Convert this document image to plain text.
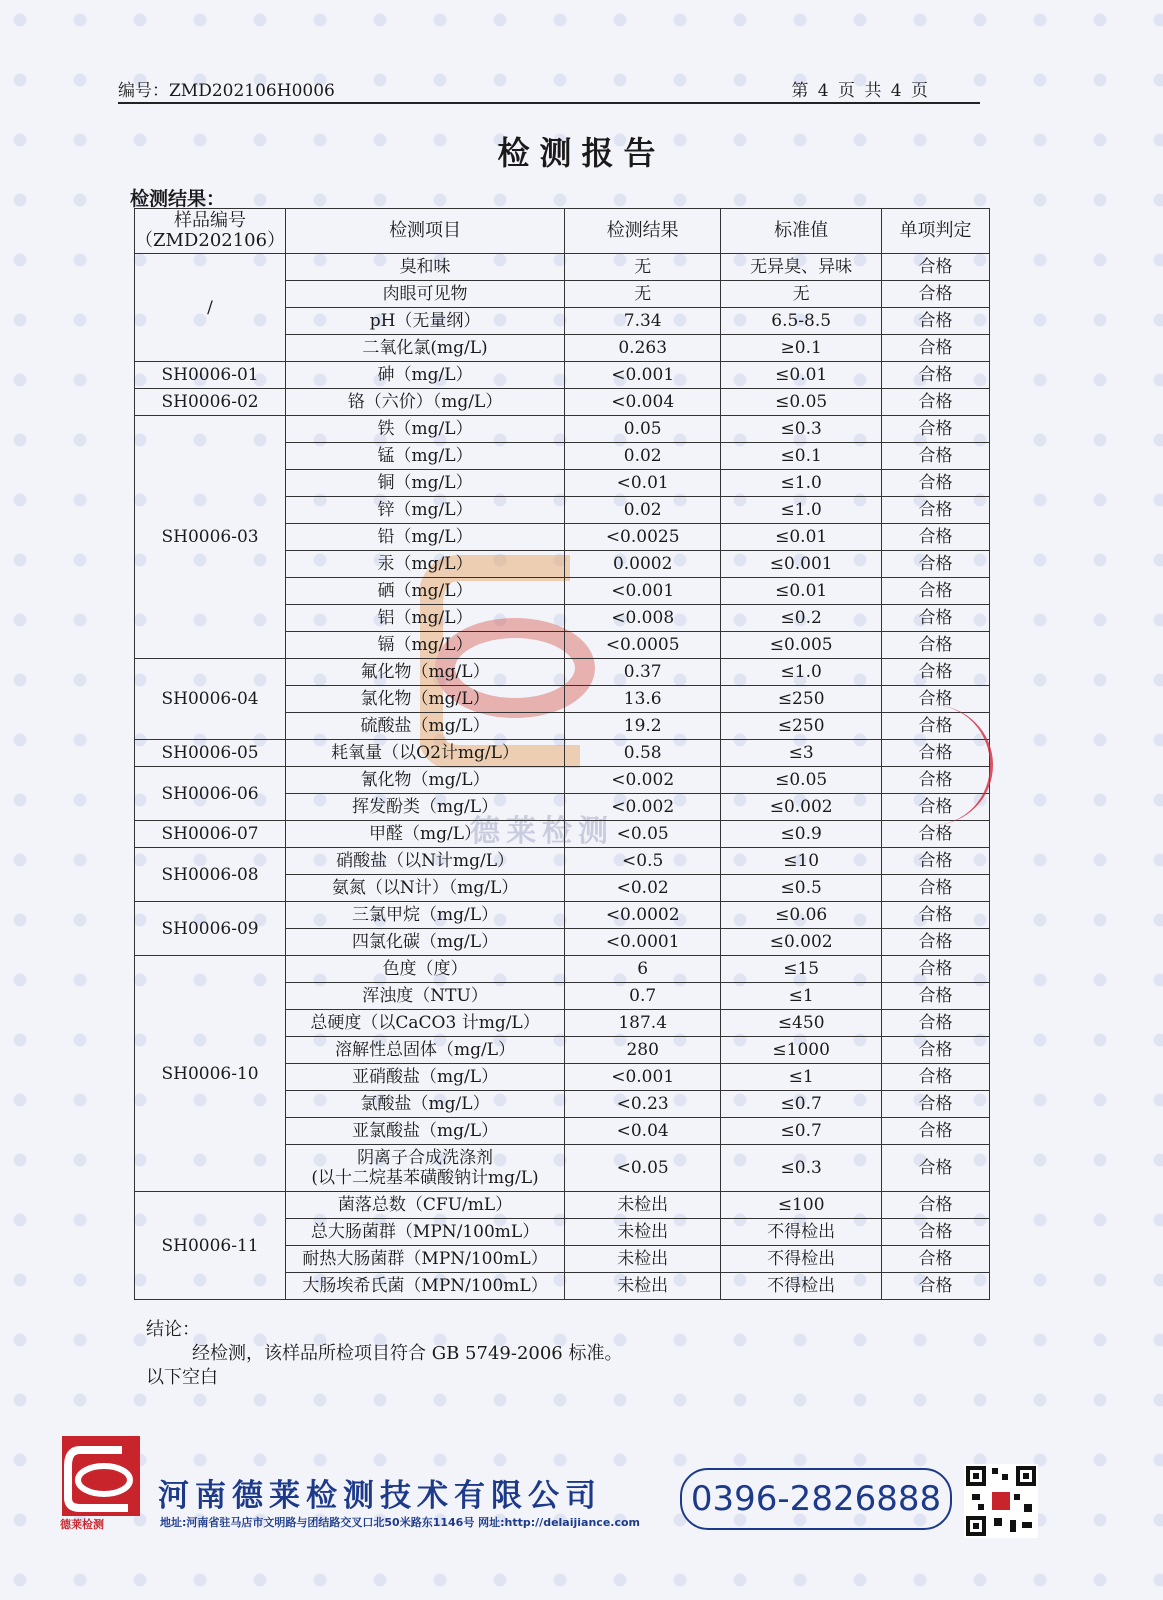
编号：ZMD202106H0006	第 4 页 共 4 页
检测报告
检测结果：
德莱检测
样品编号
（ZMD202106）	检测项目	检测结果	标准值	单项判定
/	臭和味	无	无异臭、异味	合格
	肉眼可见物	无	无	合格
	pH（无量纲）	7.34	6.5-8.5	合格
	二氧化氯(mg/L)	0.263	≥0.1	合格
SH0006-01	砷（mg/L）	<0.001	≤0.01	合格
SH0006-02	铬（六价）（mg/L）	<0.004	≤0.05	合格
SH0006-03	铁（mg/L）	0.05	≤0.3	合格
	锰（mg/L）	0.02	≤0.1	合格
	铜（mg/L）	<0.01	≤1.0	合格
	锌（mg/L）	0.02	≤1.0	合格
	铅（mg/L）	<0.0025	≤0.01	合格
	汞（mg/L）	0.0002	≤0.001	合格
	硒（mg/L）	<0.001	≤0.01	合格
	铝（mg/L）	<0.008	≤0.2	合格
	镉（mg/L）	<0.0005	≤0.005	合格
SH0006-04	氟化物（mg/L）	0.37	≤1.0	合格
	氯化物（mg/L）	13.6	≤250	合格
	硫酸盐（mg/L）	19.2	≤250	合格
SH0006-05	耗氧量（以O2计mg/L）	0.58	≤3	合格
SH0006-06	氰化物（mg/L）	<0.002	≤0.05	合格
	挥发酚类（mg/L）	<0.002	≤0.002	合格
SH0006-07	甲醛（mg/L）	<0.05	≤0.9	合格
SH0006-08	硝酸盐（以N计mg/L）	<0.5	≤10	合格
	氨氮（以N计）（mg/L）	<0.02	≤0.5	合格
SH0006-09	三氯甲烷（mg/L）	<0.0002	≤0.06	合格
	四氯化碳（mg/L）	<0.0001	≤0.002	合格
SH0006-10	色度（度）	6	≤15	合格
	浑浊度（NTU）	0.7	≤1	合格
	总硬度（以CaCO3 计mg/L）	187.4	≤450	合格
	溶解性总固体（mg/L）	280	≤1000	合格
	亚硝酸盐（mg/L）	<0.001	≤1	合格
	氯酸盐（mg/L）	<0.23	≤0.7	合格
	亚氯酸盐（mg/L）	<0.04	≤0.7	合格
	阴离子合成洗涤剂
(以十二烷基苯磺酸钠计mg/L)	<0.05	≤0.3	合格
SH0006-11	菌落总数（CFU/mL）	未检出	≤100	合格
	总大肠菌群（MPN/100mL）	未检出	不得检出	合格
	耐热大肠菌群（MPN/100mL）	未检出	不得检出	合格
	大肠埃希氏菌（MPN/100mL）	未检出	不得检出	合格
结论：
经检测，该样品所检项目符合 GB 5749-2006 标准。
以下空白
德莱检测
河南德莱检测技术有限公司
地址:河南省驻马店市文明路与团结路交叉口北50米路东1146号 网址:http://delaijiance.com
0396-2826888
